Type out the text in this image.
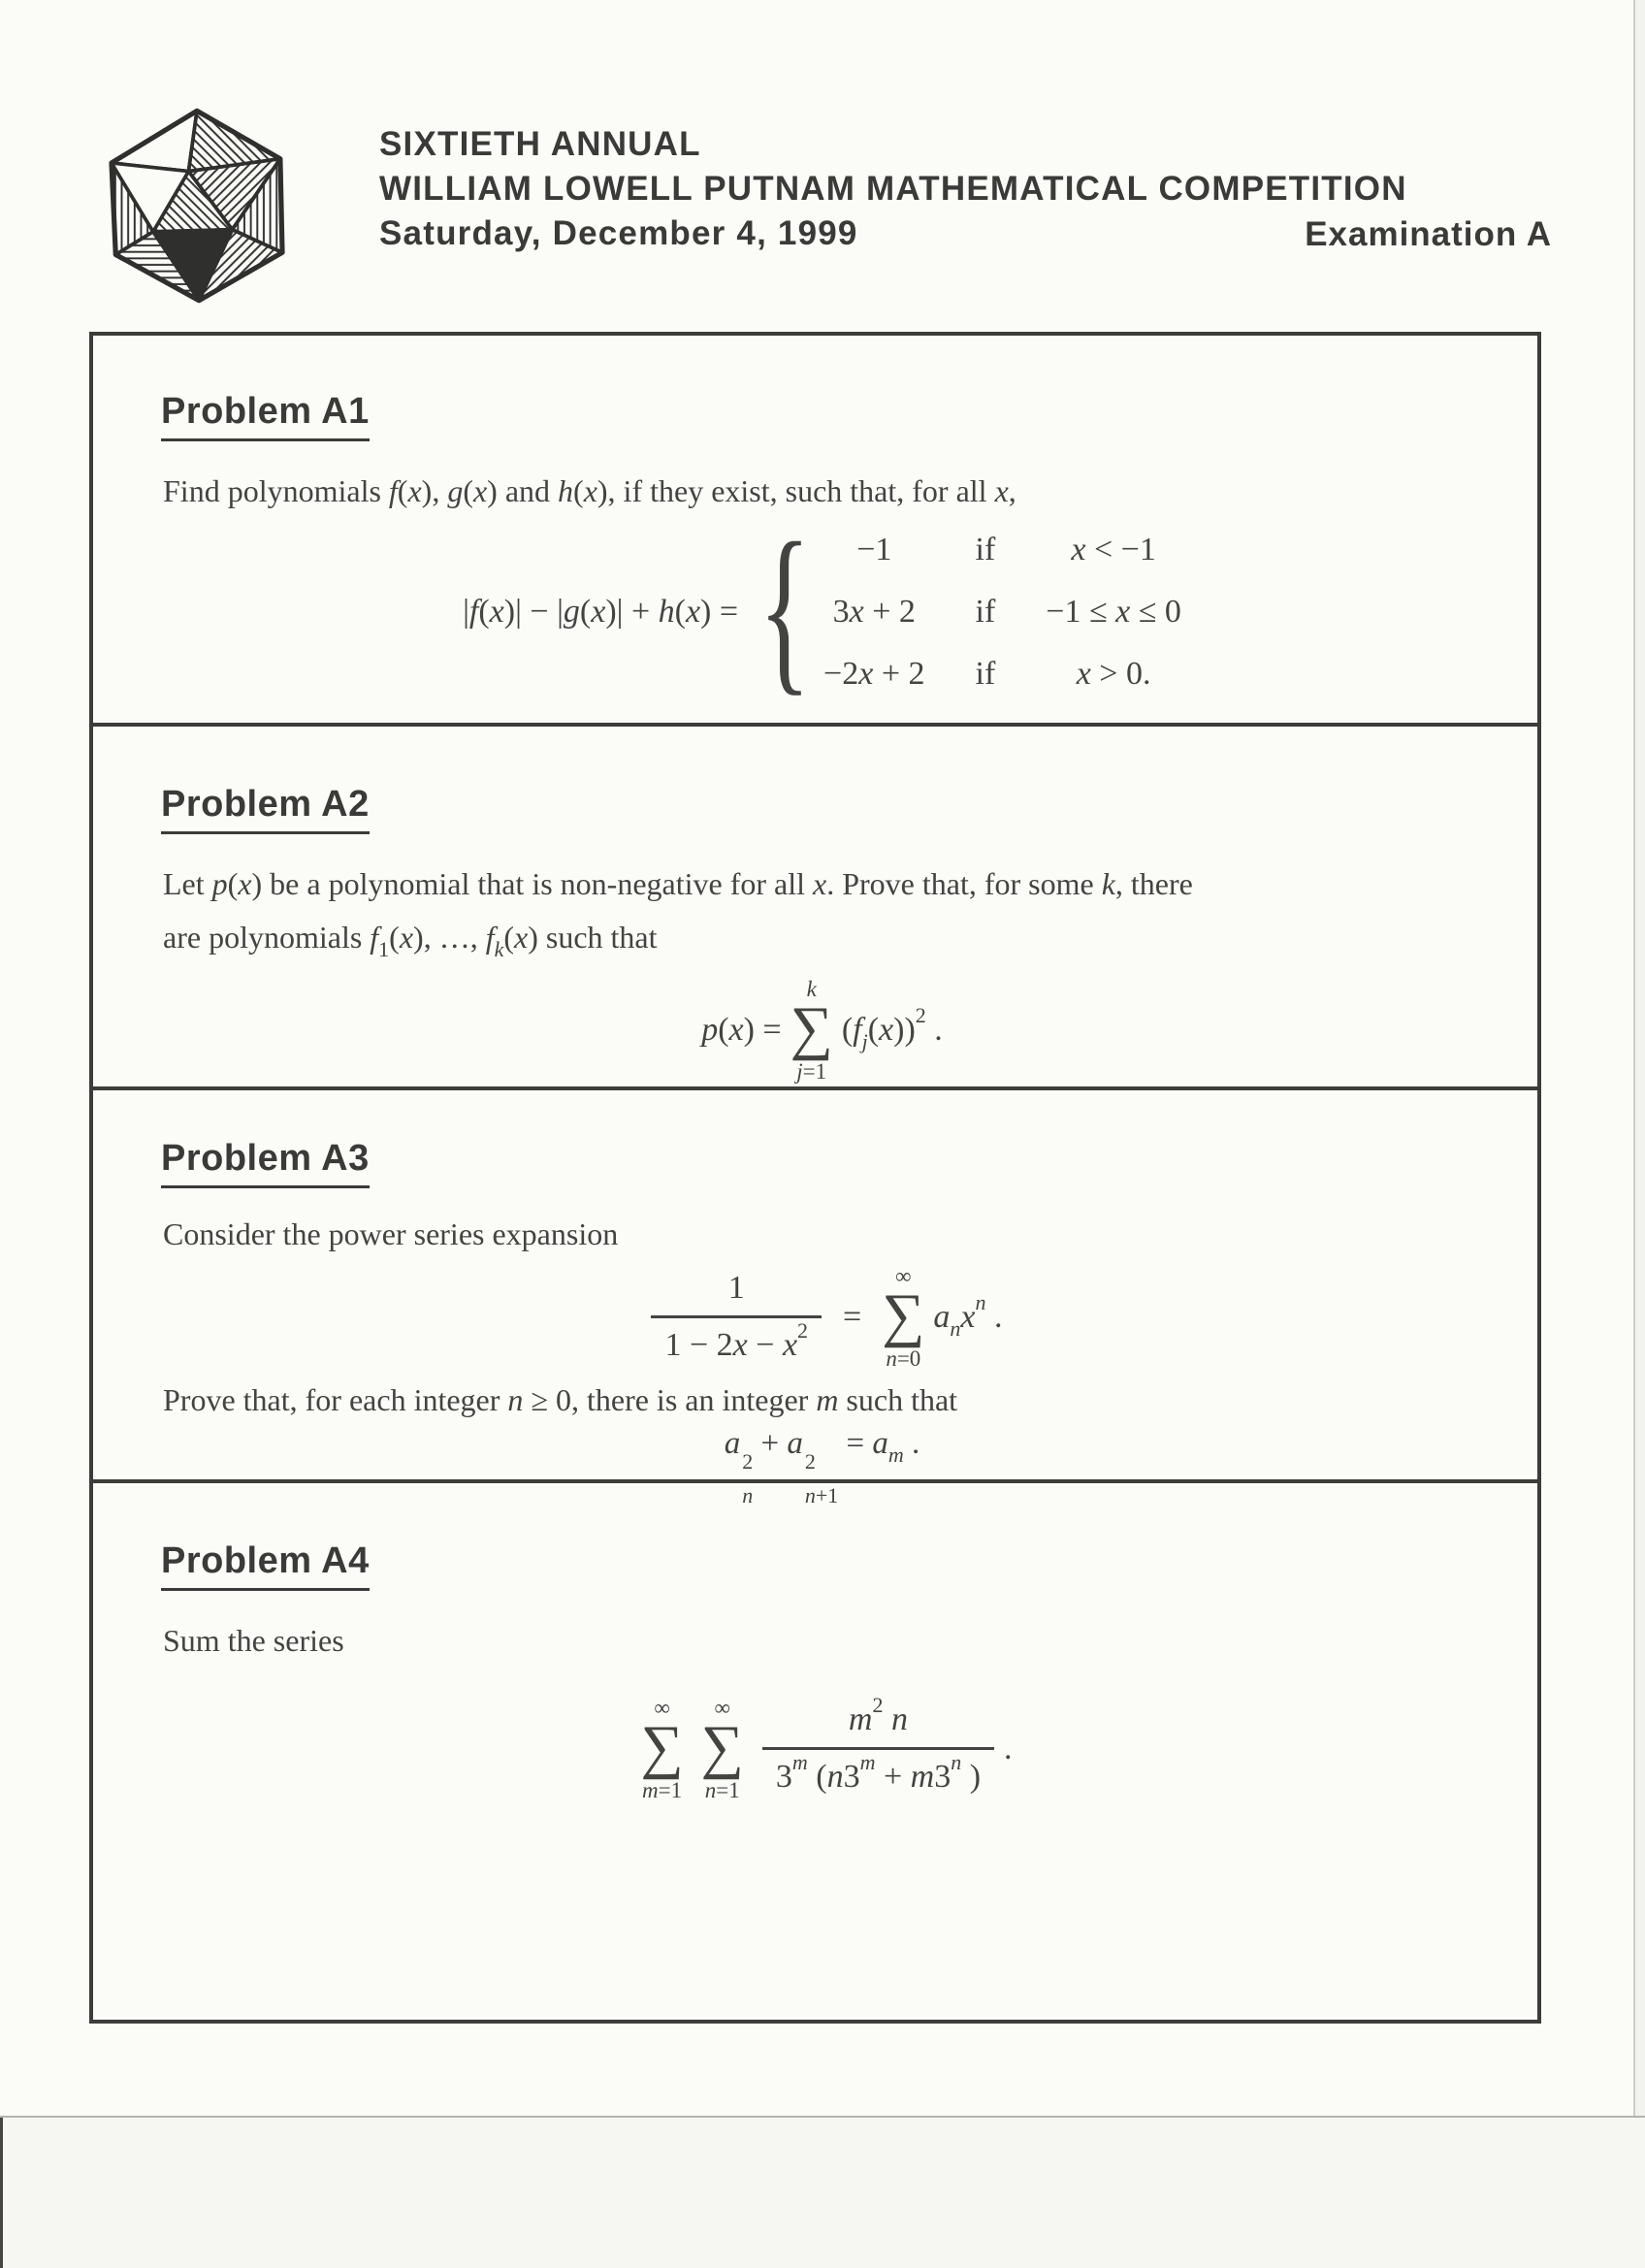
SIXTIETH ANNUAL
WILLIAM LOWELL PUTNAM MATHEMATICAL COMPETITION
Saturday, December 4, 1999	Examination A
Problem A1

Find polynomials f(x), g(x) and h(x), if they exist, such that, for all x,

|f(x)| − |g(x)| + h(x) = {	−1	if	x < −1
3x + 2 if −1 ≤ x ≤ 0
−2x + 2 if	x > 0.
Problem A2

Let p(x) be a polynomial that is non-negative for all x. Prove that, for some k, there

are polynomials $f_1(x)$, …, $f_k(x)$ such that

p(x) =
k
∑
j=1
$(f_j(x))^2$ .
Problem A3

Consider the power series expansion

$\frac{1}{1 - 2x - x^2}$ =
∞
∑
n=0
$a_nx^n$ .

Prove that, for each integer n ≥ 0, there is an integer m such that

a
2
n
+ a
2
n+1
= $a_m$ .
Problem A4

Sum the series

∞
∑
m=1
∞
∑
$n=1 \frac{m^2 n}{3^m (n3^m + m3^n )}$ .
